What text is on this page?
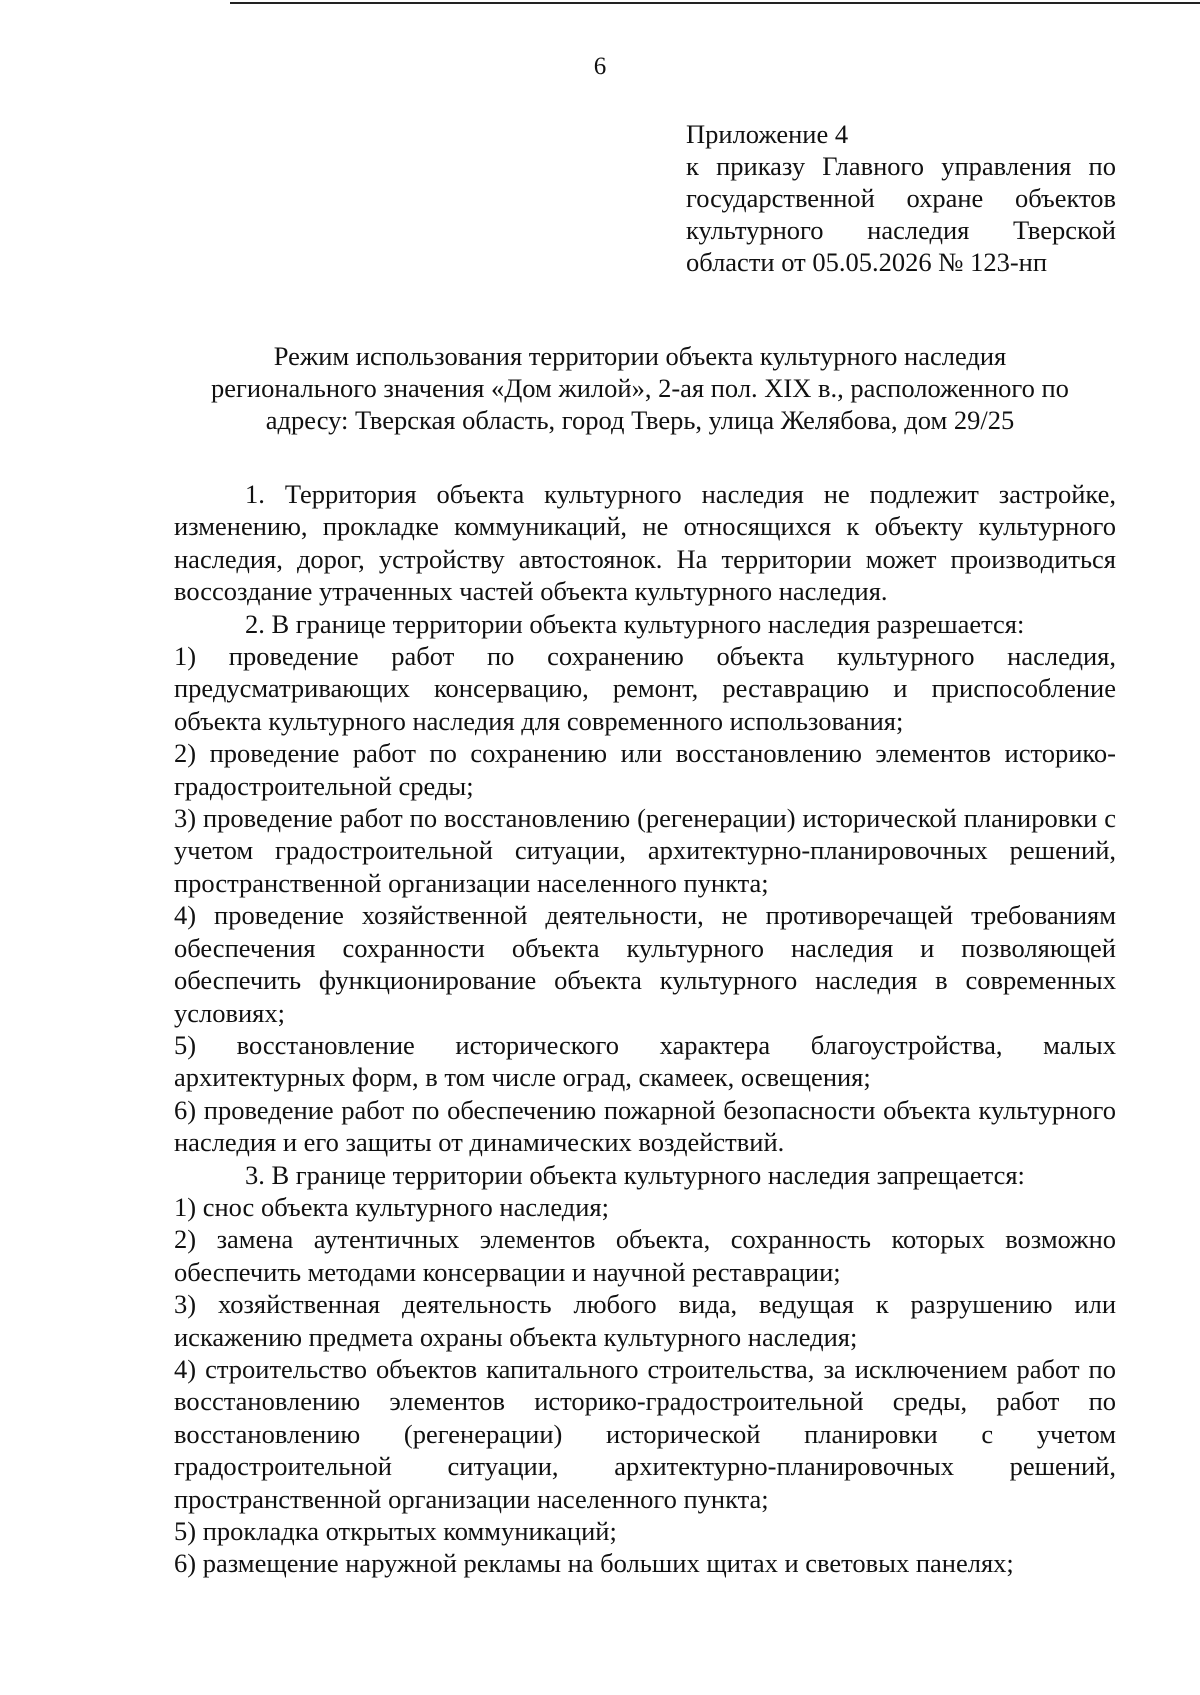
6
Приложение 4
к приказу Главного управления по
государственной охране объектов
культурного наследия Тверской
области от 05.05.2026 № 123-нп
Режим использования территории объекта культурного наследия
регионального значения «Дом жилой», 2-ая пол. XIX в., расположенного по
адресу: Тверская область, город Тверь, улица Желябова, дом 29/25

1. Территория объекта культурного наследия не подлежит застройке, изменению, прокладке коммуникаций, не относящихся к объекту культурного наследия, дорог, устройству автостоянок. На территории может производиться воссоздание утраченных частей объекта культурного наследия.

2. В границе территории объекта культурного наследия разрешается:

1) проведение работ по сохранению объекта культурного наследия, предусматривающих консервацию, ремонт, реставрацию и приспособление объекта культурного наследия для современного использования;

2) проведение работ по сохранению или восстановлению элементов историко-градостроительной среды;

3) проведение работ по восстановлению (регенерации) исторической планировки с учетом градостроительной ситуации, архитектурно-планировочных решений, пространственной организации населенного пункта;

4) проведение хозяйственной деятельности, не противоречащей требованиям обеспечения сохранности объекта культурного наследия и позволяющей обеспечить функционирование объекта культурного наследия в современных условиях;

5) восстановление исторического характера благоустройства, малых архитектурных форм, в том числе оград, скамеек, освещения;

6) проведение работ по обеспечению пожарной безопасности объекта культурного наследия и его защиты от динамических воздействий.

3. В границе территории объекта культурного наследия запрещается:

1) снос объекта культурного наследия;

2) замена аутентичных элементов объекта, сохранность которых возможно обеспечить методами консервации и научной реставрации;

3) хозяйственная деятельность любого вида, ведущая к разрушению или искажению предмета охраны объекта культурного наследия;

4) строительство объектов капитального строительства, за исключением работ по восстановлению элементов историко-градостроительной среды, работ по восстановлению (регенерации) исторической планировки с учетом градостроительной ситуации, архитектурно-планировочных решений, пространственной организации населенного пункта;

5) прокладка открытых коммуникаций;

6) размещение наружной рекламы на больших щитах и световых панелях;
